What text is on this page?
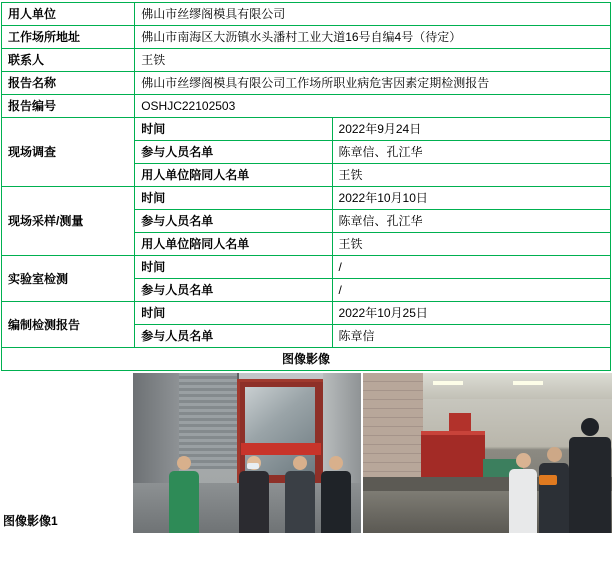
用人单位	佛山市丝缪阁模具有限公司	
工作场所地址	佛山市南海区大沥镇水头潘村工业大道16号自编4号（待定）	
联系人	王铁	
报告名称	佛山市丝缪阁模具有限公司工作场所职业病危害因素定期检测报告	
报告编号	OSHJC22102503	
现场调查	时间	2022年9月24日
	参与人员名单	陈章信、孔江华
	用人单位陪同人名单	王铁
现场采样/测量	时间	2022年10月10日
	参与人员名单	陈章信、孔江华
	用人单位陪同人名单	王铁
实验室检测	时间	/
	参与人员名单	/
编制检测报告	时间	2022年10月25日
	参与人员名单	陈章信
图像影像		
图像影像1
